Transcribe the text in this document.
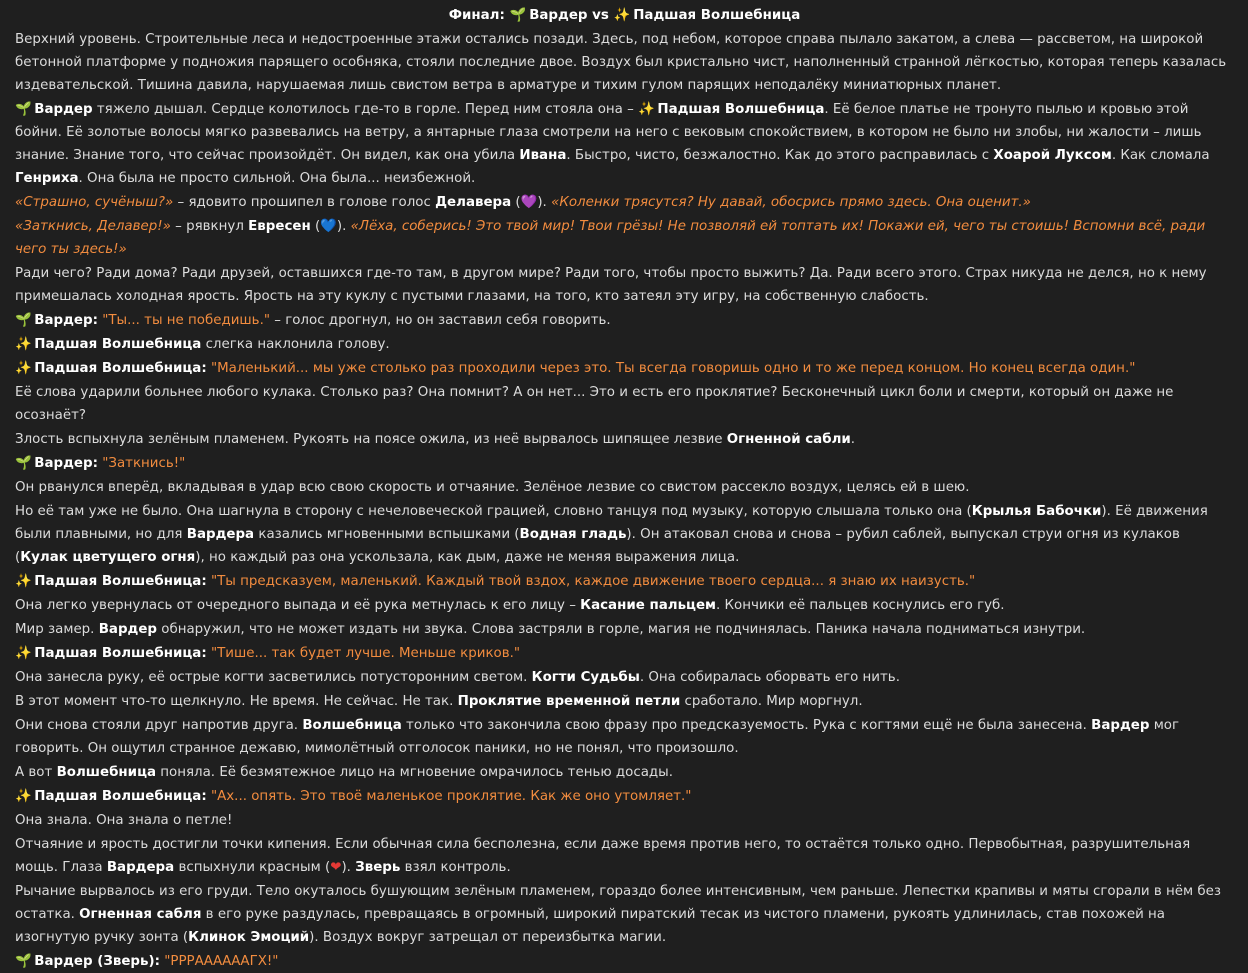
Финал: 🌱 Вардер vs ✨ Падшая Волшебница

Верхний уровень. Строительные леса и недостроенные этажи остались позади. Здесь, под небом, которое справа пылало закатом, а слева — рассветом, на широкой бетонной платформе у подножия парящего особняка, стояли последние двое. Воздух был кристально чист, наполненный странной лёгкостью, которая теперь казалась издевательской. Тишина давила, нарушаемая лишь свистом ветра в арматуре и тихим гулом парящих неподалёку миниатюрных планет.

🌱 Вардер тяжело дышал. Сердце колотилось где-то в горле. Перед ним стояла она – ✨ Падшая Волшебница. Её белое платье не тронуто пылью и кровью этой бойни. Её золотые волосы мягко развевались на ветру, а янтарные глаза смотрели на него с вековым спокойствием, в котором не было ни злобы, ни жалости – лишь знание. Знание того, что сейчас произойдёт. Он видел, как она убила Ивана. Быстро, чисто, безжалостно. Как до этого расправилась с Хоарой Луксом. Как сломала Генриха. Она была не просто сильной. Она была... неизбежной.

«Страшно, сучёныш?» – ядовито прошипел в голове голос Делавера (💜). «Коленки трясутся? Ну давай, обосрись прямо здесь. Она оценит.»

«Заткнись, Делавер!» – рявкнул Евресен (💙). «Лёха, соберись! Это твой мир! Твои грёзы! Не позволяй ей топтать их! Покажи ей, чего ты стоишь! Вспомни всё, ради чего ты здесь!»

Ради чего? Ради дома? Ради друзей, оставшихся где-то там, в другом мире? Ради того, чтобы просто выжить? Да. Ради всего этого. Страх никуда не делся, но к нему примешалась холодная ярость. Ярость на эту куклу с пустыми глазами, на того, кто затеял эту игру, на собственную слабость.

🌱 Вардер: "Ты... ты не победишь." – голос дрогнул, но он заставил себя говорить.

✨ Падшая Волшебница слегка наклонила голову.

✨ Падшая Волшебница: "Маленький... мы уже столько раз проходили через это. Ты всегда говоришь одно и то же перед концом. Но конец всегда один."

Её слова ударили больнее любого кулака. Столько раз? Она помнит? А он нет... Это и есть его проклятие? Бесконечный цикл боли и смерти, который он даже не осознаёт?

Злость вспыхнула зелёным пламенем. Рукоять на поясе ожила, из неё вырвалось шипящее лезвие Огненной сабли.

🌱 Вардер: "Заткнись!"

Он рванулся вперёд, вкладывая в удар всю свою скорость и отчаяние. Зелёное лезвие со свистом рассекло воздух, целясь ей в шею.

Но её там уже не было. Она шагнула в сторону с нечеловеческой грацией, словно танцуя под музыку, которую слышала только она (Крылья Бабочки). Её движения были плавными, но для Вардера казались мгновенными вспышками (Водная гладь). Он атаковал снова и снова – рубил саблей, выпускал струи огня из кулаков (Кулак цветущего огня), но каждый раз она ускользала, как дым, даже не меняя выражения лица.

✨ Падшая Волшебница: "Ты предсказуем, маленький. Каждый твой вздох, каждое движение твоего сердца... я знаю их наизусть."

Она легко увернулась от очередного выпада и её рука метнулась к его лицу – Касание пальцем. Кончики её пальцев коснулись его губ.

Мир замер. Вардер обнаружил, что не может издать ни звука. Слова застряли в горле, магия не подчинялась. Паника начала подниматься изнутри.

✨ Падшая Волшебница: "Тише... так будет лучше. Меньше криков."

Она занесла руку, её острые когти засветились потусторонним светом. Когти Судьбы. Она собиралась оборвать его нить.

В этот момент что-то щелкнуло. Не время. Не сейчас. Не так. Проклятие временной петли сработало. Мир моргнул.

Они снова стояли друг напротив друга. Волшебница только что закончила свою фразу про предсказуемость. Рука с когтями ещё не была занесена. Вардер мог говорить. Он ощутил странное дежавю, мимолётный отголосок паники, но не понял, что произошло.

А вот Волшебница поняла. Её безмятежное лицо на мгновение омрачилось тенью досады.

✨ Падшая Волшебница: "Ах... опять. Это твоё маленькое проклятие. Как же оно утомляет."

Она знала. Она знала о петле!

Отчаяние и ярость достигли точки кипения. Если обычная сила бесполезна, если даже время против него, то остаётся только одно. Первобытная, разрушительная мощь. Глаза Вардера вспыхнули красным (❤). Зверь взял контроль.

Рычание вырвалось из его груди. Тело окуталось бушующим зелёным пламенем, гораздо более интенсивным, чем раньше. Лепестки крапивы и мяты сгорали в нём без остатка. Огненная сабля в его руке раздулась, превращаясь в огромный, широкий пиратский тесак из чистого пламени, рукоять удлинилась, став похожей на изогнутую ручку зонта (Клинок Эмоций). Воздух вокруг затрещал от переизбытка магии.

🌱 Вардер (Зверь): "РРРААААААГХ!"
